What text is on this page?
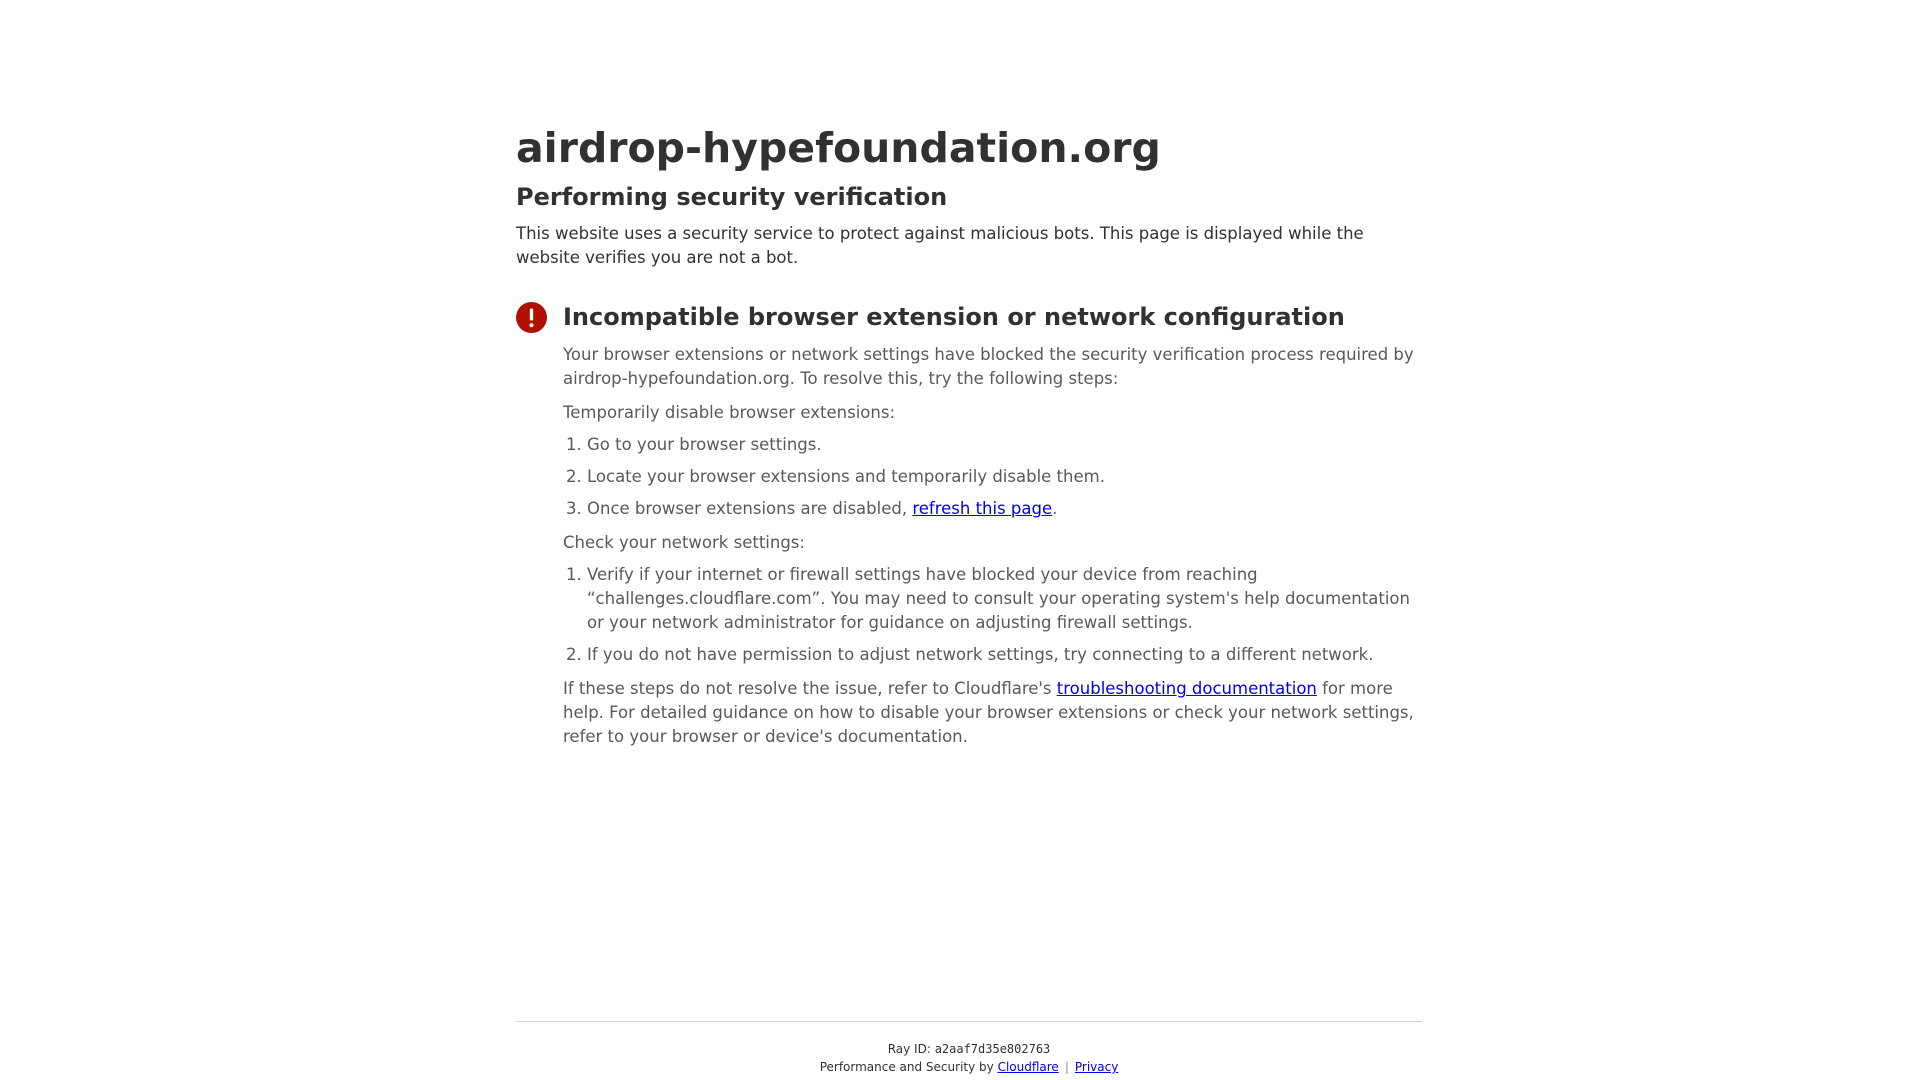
airdrop-hypefoundation.org
Performing security verification

This website uses a security service to protect against malicious bots. This page is displayed while the website verifies you are not a bot.

Incompatible browser extension or network configuration

Your browser extensions or network settings have blocked the security verification process required by airdrop-hypefoundation.org. To resolve this, try the following steps:

Temporarily disable browser extensions:

1. Go to your browser settings.
2. Locate your browser extensions and temporarily disable them.
3. Once browser extensions are disabled, refresh this page.

Check your network settings:

1. Verify if your internet or firewall settings have blocked your device from reaching “challenges.cloudflare.com”. You may need to consult your operating system's help documentation or your network administrator for guidance on adjusting firewall settings.
2. If you do not have permission to adjust network settings, try connecting to a different network.

If these steps do not resolve the issue, refer to Cloudflare's troubleshooting documentation for more help. For detailed guidance on how to disable your browser extensions or check your network settings, refer to your browser or device's documentation.

Ray ID: a2aaf7d35e802763
Performance and Security by Cloudflare | Privacy
